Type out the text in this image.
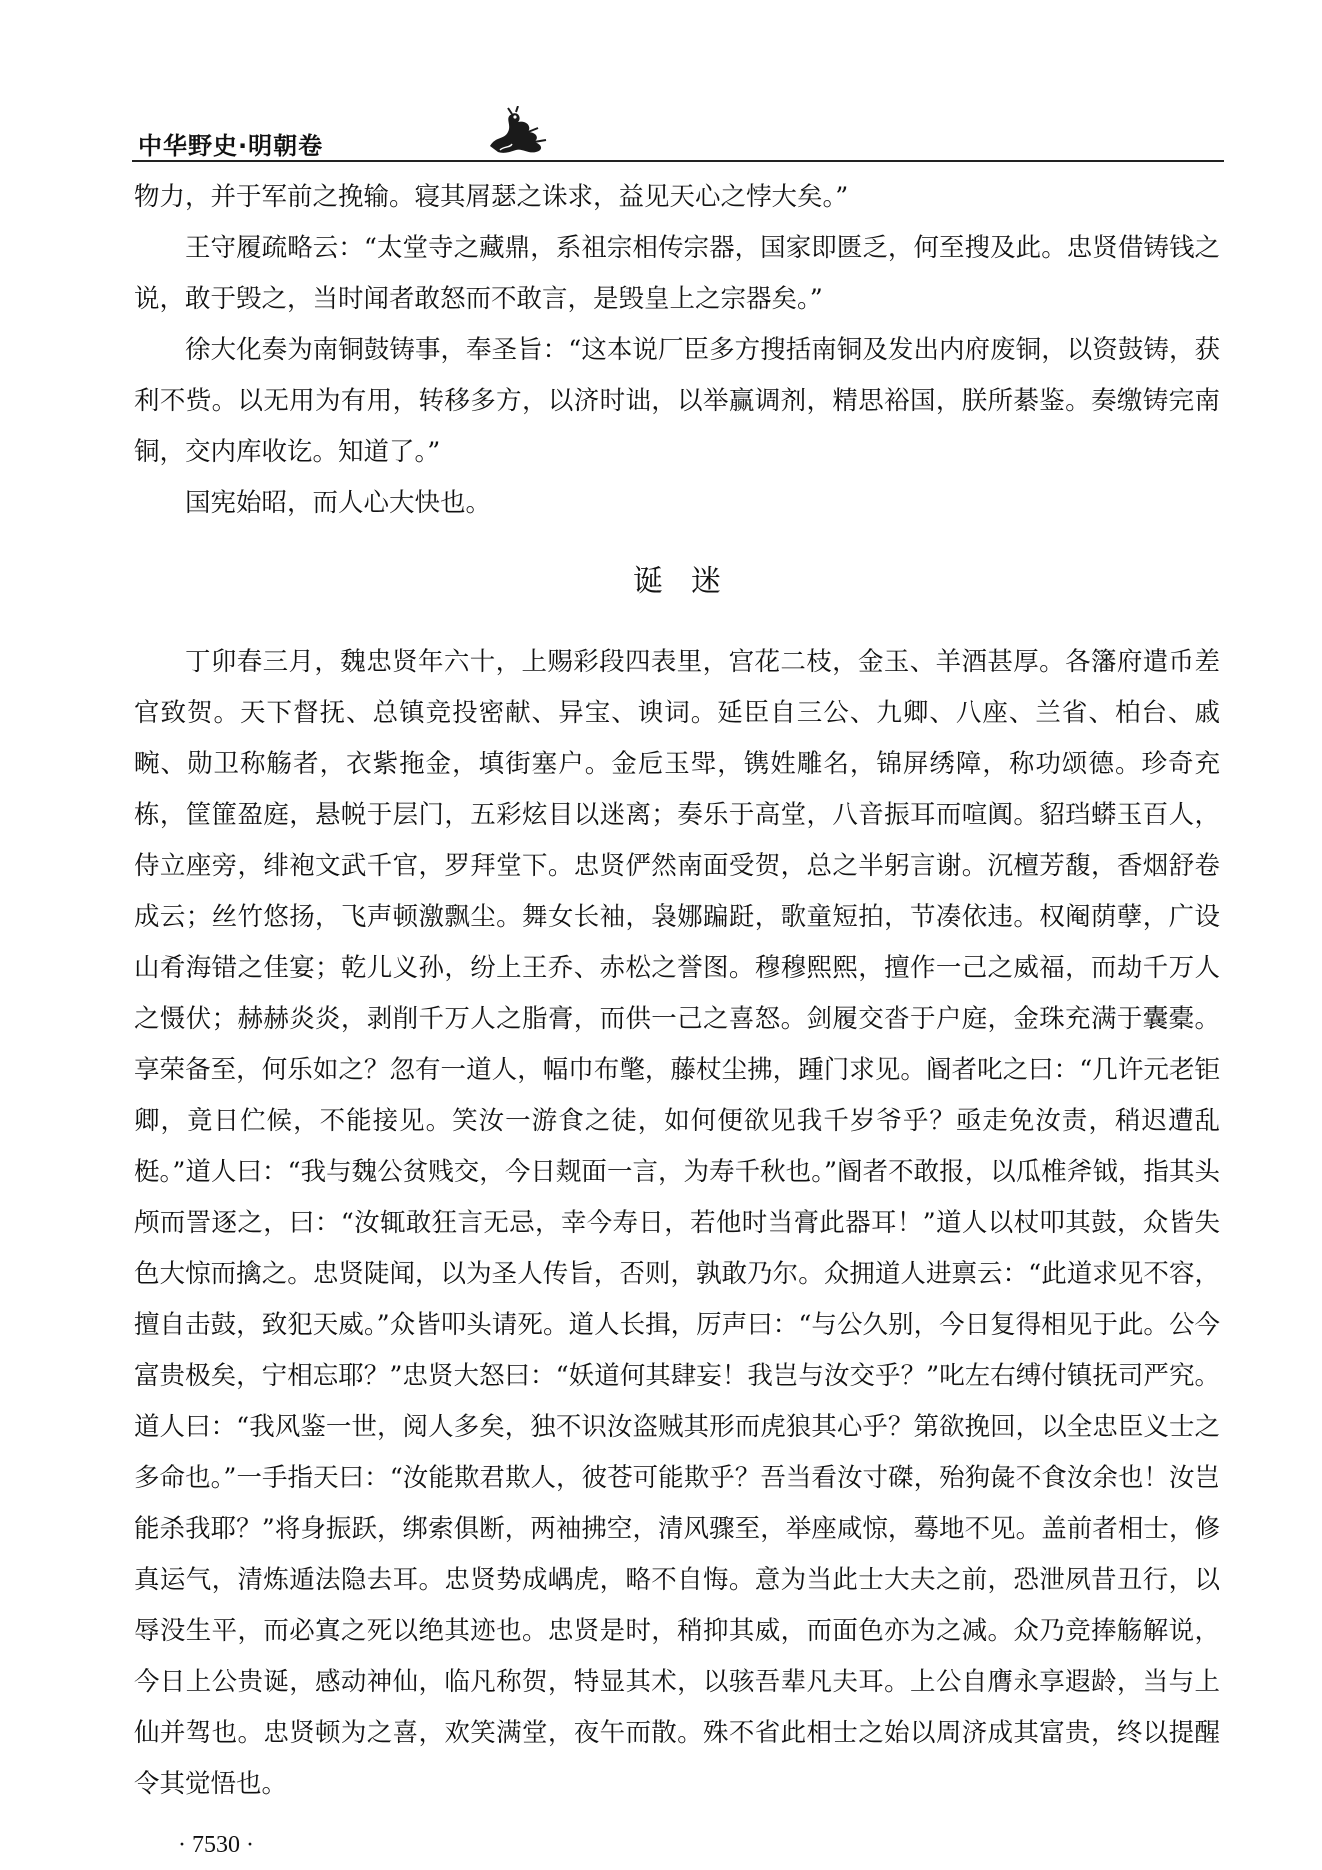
中华野史·明朝卷

物力，并于军前之挽输。寝其屑瑟之诛求，益见天心之悖大矣。”

王守履疏略云：“太堂寺之藏鼎，系祖宗相传宗器，国家即匮乏，何至搜及此。忠贤借铸钱之说，敢于毁之，当时闻者敢怒而不敢言，是毁皇上之宗器矣。”

徐大化奏为南铜鼓铸事，奉圣旨：“这本说厂臣多方搜括南铜及发出内府废铜，以资鼓铸，获利不赀。以无用为有用，转移多方，以济时诎，以举赢调剂，精思裕国，朕所綦鉴。奏缴铸完南铜，交内库收讫。知道了。”

国宪始昭，而人心大快也。

诞迷

丁卯春三月，魏忠贤年六十，上赐彩段四表里，宫花二枝，金玉、羊酒甚厚。各籓府遣币差官致贺。天下督抚、总镇竞投密献、异宝、谀词。延臣自三公、九卿、八座、兰省、柏台、戚畹、勋卫称觞者，衣紫拖金，填街塞户。金卮玉斝，镌姓雕名，锦屏绣障，称功颂德。珍奇充栋，筐篚盈庭，悬帨于层门，五彩炫目以迷离；奏乐于高堂，八音振耳而喧阗。貂珰蟒玉百人，侍立座旁，绯袍文武千官，罗拜堂下。忠贤俨然南面受贺，总之半躬言谢。沉檀芳馥，香烟舒卷成云；丝竹悠扬，飞声顿激飘尘。舞女长袖，袅娜蹁跹，歌童短拍，节凑依违。权阉荫孽，广设山肴海错之佳宴；乾儿义孙，纷上王乔、赤松之誉图。穆穆熙熙，擅作一己之威福，而劫千万人之慑伏；赫赫炎炎，剥削千万人之脂膏，而供一己之喜怒。剑履交沓于户庭，金珠充满于囊橐。享荣备至，何乐如之？忽有一道人，幅巾布氅，藤杖尘拂，踵门求见。阍者叱之曰：“几许元老钜卿，竟日伫候，不能接见。笑汝一游食之徒，如何便欲见我千岁爷乎？亟走免汝责，稍迟遭乱梃。”道人曰：“我与魏公贫贱交，今日觌面一言，为寿千秋也。”阍者不敢报，以瓜椎斧钺，指其头颅而詈逐之，曰：“汝辄敢狂言无忌，幸今寿日，若他时当膏此器耳！”道人以杖叩其鼓，众皆失色大惊而擒之。忠贤陡闻，以为圣人传旨，否则，孰敢乃尔。众拥道人进禀云：“此道求见不容，擅自击鼓，致犯天威。”众皆叩头请死。道人长揖，厉声曰：“与公久别，今日复得相见于此。公今富贵极矣，宁相忘耶？”忠贤大怒曰：“妖道何其肆妄！我岂与汝交乎？”叱左右缚付镇抚司严究。道人曰：“我风鉴一世，阅人多矣，独不识汝盗贼其形而虎狼其心乎？第欲挽回，以全忠臣义士之多命也。”一手指天曰：“汝能欺君欺人，彼苍可能欺乎？吾当看汝寸磔，殆狗彘不食汝余也！汝岂能杀我耶？”将身振跃，绑索俱断，两袖拂空，清风骤至，举座咸惊，蓦地不见。盖前者相士，修真运气，清炼遁法隐去耳。忠贤势成嵎虎，略不自悔。意为当此士大夫之前，恐泄夙昔丑行，以辱没生平，而必寘之死以绝其迹也。忠贤是时，稍抑其威，而面色亦为之减。众乃竞捧觞解说，今日上公贵诞，感动神仙，临凡称贺，特显其术，以骇吾辈凡夫耳。上公自膺永享遐龄，当与上仙并驾也。忠贤顿为之喜，欢笑满堂，夜午而散。殊不省此相士之始以周济成其富贵，终以提醒令其觉悟也。

· 7530 ·
